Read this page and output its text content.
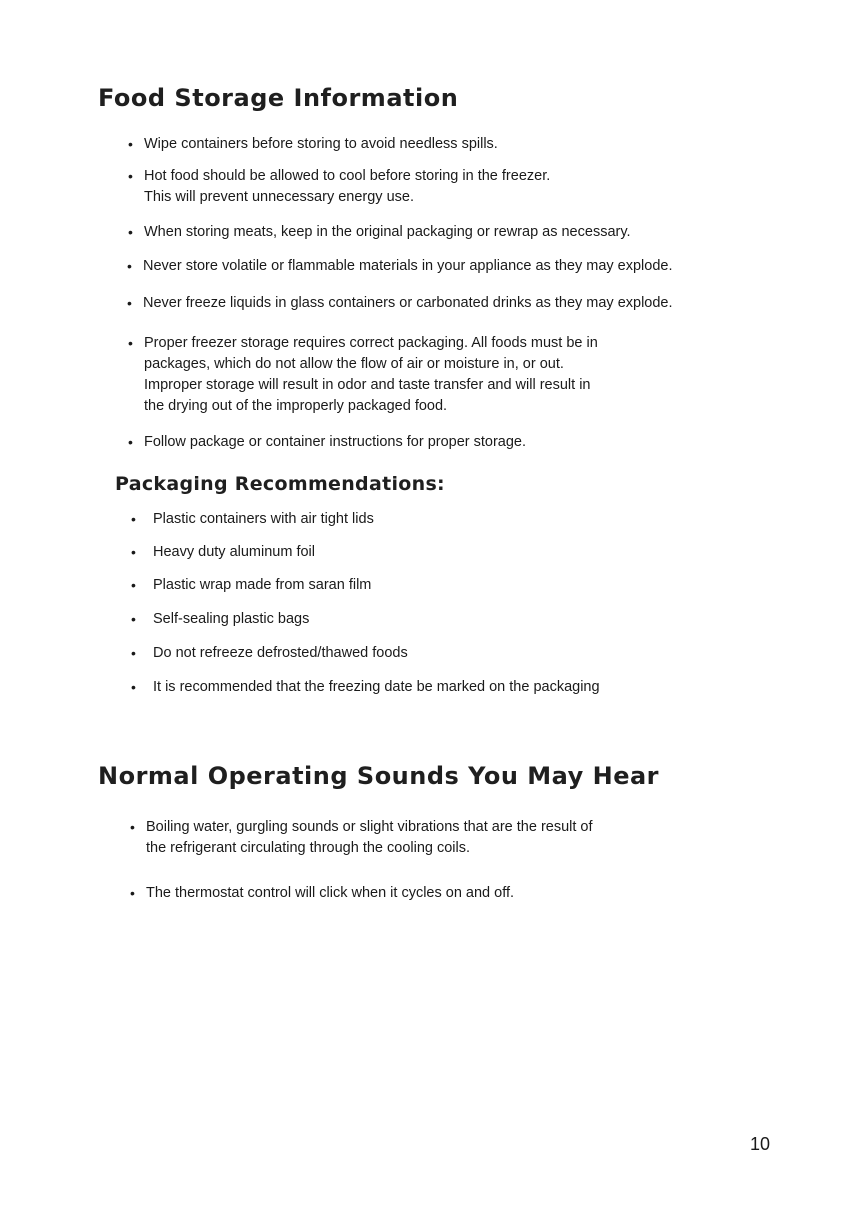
Food Storage Information
• Wipe containers before storing to avoid needless spills.
• Hot food should be allowed to cool before storing in the freezer.
This will prevent unnecessary energy use.
• When storing meats, keep in the original packaging or rewrap as necessary.
• Never store volatile or flammable materials in your appliance as they may explode.
• Never freeze liquids in glass containers or carbonated drinks as they may explode.
• Proper freezer storage requires correct packaging. All foods must be in
packages, which do not allow the flow of air or moisture in, or out.
Improper storage will result in odor and taste transfer and will result in
the drying out of the improperly packaged food.
• Follow package or container instructions for proper storage.
Packaging Recommendations:
• Plastic containers with air tight lids
• Heavy duty aluminum foil
• Plastic wrap made from saran film
• Self-sealing plastic bags
• Do not refreeze defrosted/thawed foods
• It is recommended that the freezing date be marked on the packaging
Normal Operating Sounds You May Hear
• Boiling water, gurgling sounds or slight vibrations that are the result of
the refrigerant circulating through the cooling coils.
• The thermostat control will click when it cycles on and off.
10
